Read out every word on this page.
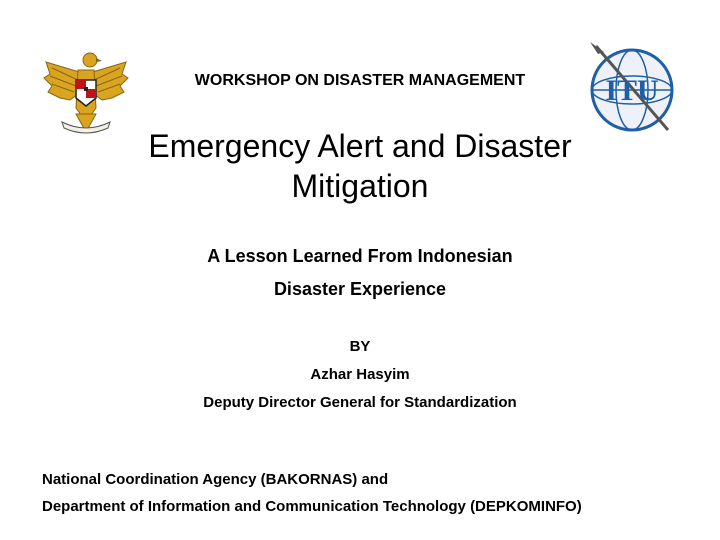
WORKSHOP ON DISASTER MANAGEMENT	ITU
Emergency Alert and Disaster
Mitigation
A Lesson Learned From Indonesian
Disaster Experience
BY
Azhar Hasyim
Deputy Director General for Standardization
National Coordination Agency (BAKORNAS) and
Department of Information and Communication Technology (DEPKOMINFO)
